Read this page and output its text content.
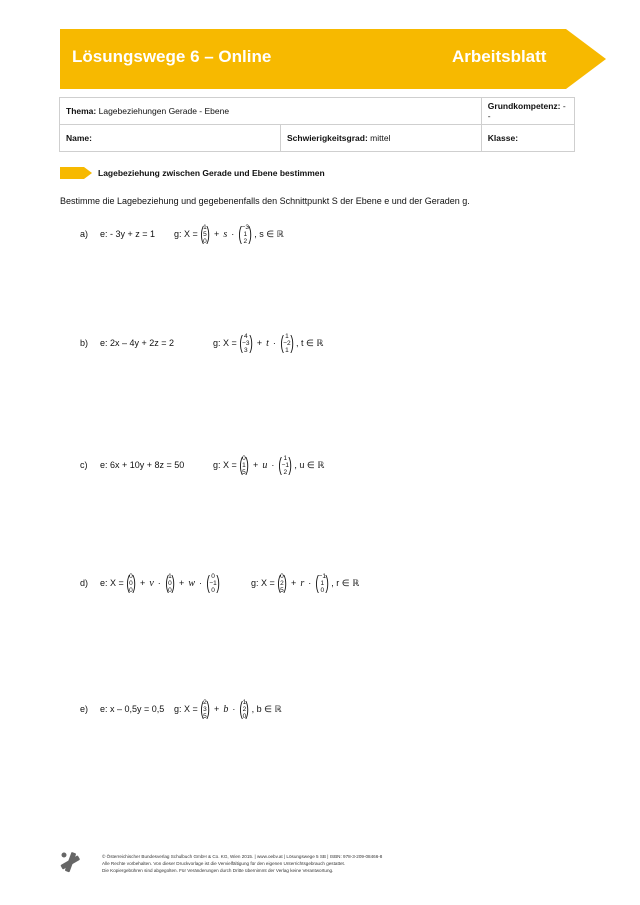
Lösungswege 6 – Online	Arbeitsblatt
Thema: Lagebeziehungen Gerade - Ebene		Grundkompetenz: --
Name:	Schwierigkeitsgrad: mittel	Klasse:
Lagebeziehung zwischen Gerade und Ebene bestimmen
Bestimme die Lagebeziehung und gegebenenfalls den Schnittpunkt S der Ebene e und der Geraden g.
a) e: - 3y + z = 1 g: X = ( 1
5
0 ) + s · ( −3
1
2 ) , s ∈ ℝ
b) e: 2x – 4y + 2z = 2	g: X = ( 4
−3
3 ) + t · ( 1
−2
1 ) , t ∈ ℝ
c) e: 6x + 10y + 8z = 50	g: X = ( 0
1
5 ) + u · ( 1
−1
2 ) , u ∈ ℝ
d) e: X = ( 0
0
0 ) + v · ( 1
0
0 ) + w · ( 0
−1
0 )	g: X = ( 0
2
5 ) + r · ( −1
1
0 ) , r ∈ ℝ
e) e: x – 0,5y = 0,5 g: X = ( 2
3
5 ) + b · ( 1
2
0 ) , b ∈ ℝ
© Österreichischer Bundesverlag Schulbuch GmbH & Co. KG, Wien 2015. | www.oebv.at | Lösungswege 5 SB | ISBN: 978-3-209-08466-8
Alle Rechte vorbehalten. Von dieser Druckvorlage ist die Vervielfältigung für den eigenen Unterrichtsgebrauch gestattet.
Die Kopiergebühren sind abgegolten. Für Veränderungen durch Dritte übernimmt der Verlag keine Verantwortung.
